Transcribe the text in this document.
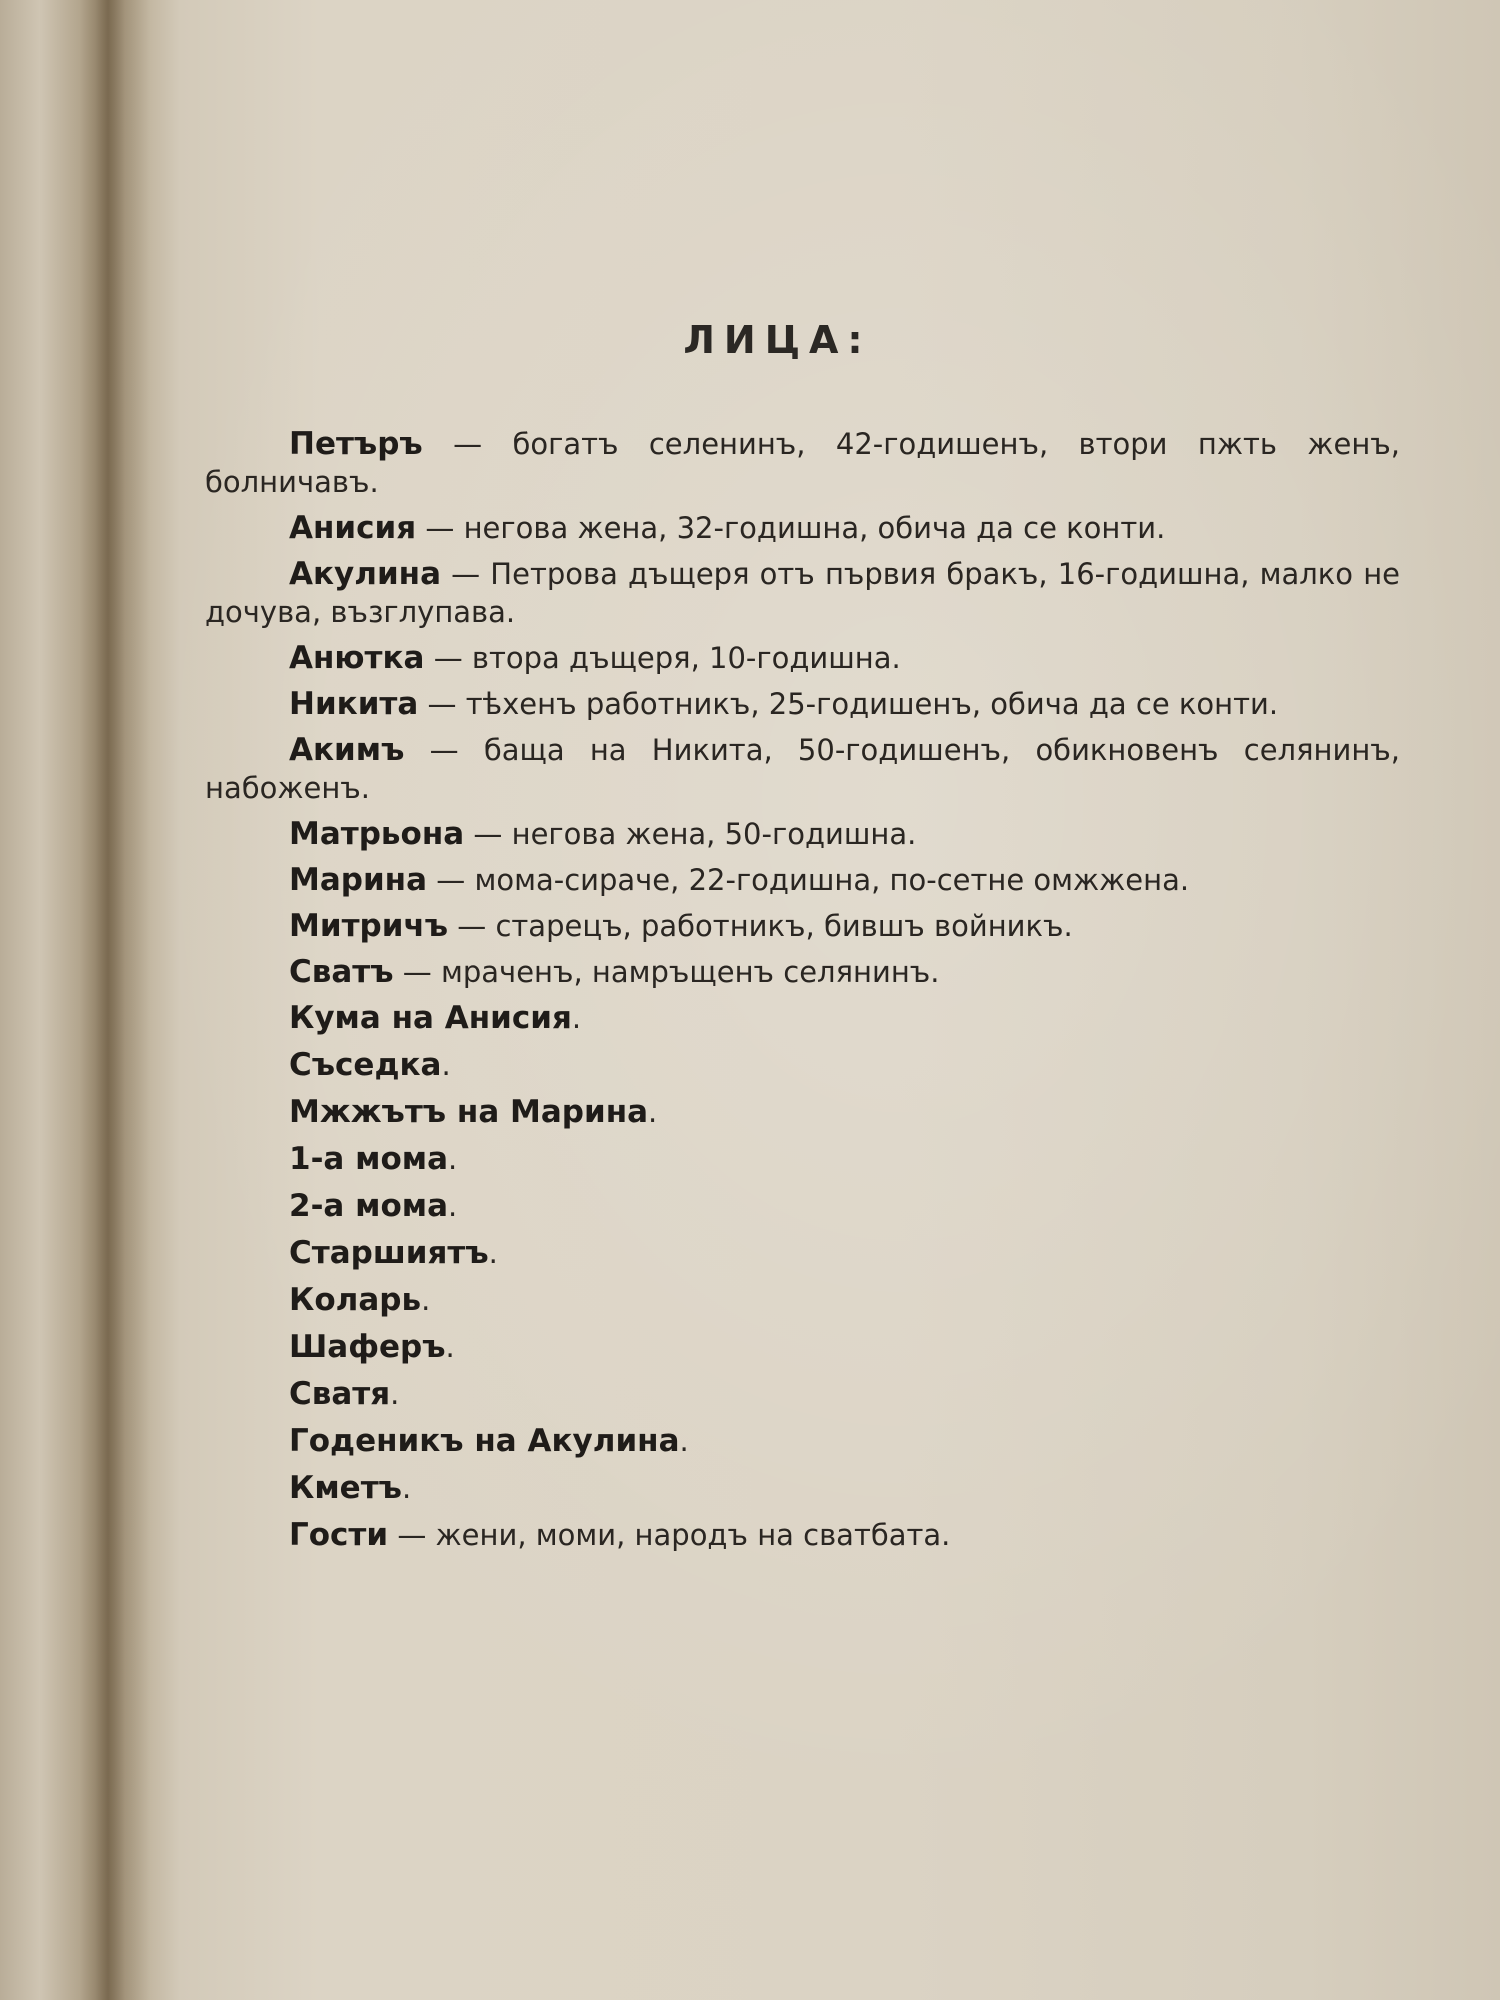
ЛИЦА:

Петъръ — богатъ селенинъ, 42-годишенъ, втори пжть женъ, болничавъ.

Анисия — негова жена, 32-годишна, обича да се конти.

Акулина — Петрова дъщеря отъ първия бракъ, 16-годишна, малко не дочува, възглупава.

Анютка — втора дъщеря, 10-годишна.

Никита — тѣхенъ работникъ, 25-годишенъ, обича да се конти.

Акимъ — баща на Никита, 50-годишенъ, обикновенъ селянинъ, набоженъ.

Матрьона — негова жена, 50-годишна.

Марина — мома-сираче, 22-годишна, по-сетне омжжена.

Митричъ — старецъ, работникъ, бившъ войникъ.

Сватъ — мраченъ, намръщенъ селянинъ.

Кума на Анисия.

Съседка.

Мжжътъ на Марина.

1-а мома.

2-а мома.

Старшиятъ.

Коларь.

Шаферъ.

Сватя.

Годеникъ на Акулина.

Кметъ.

Гости — жени, моми, народъ на сватбата.
